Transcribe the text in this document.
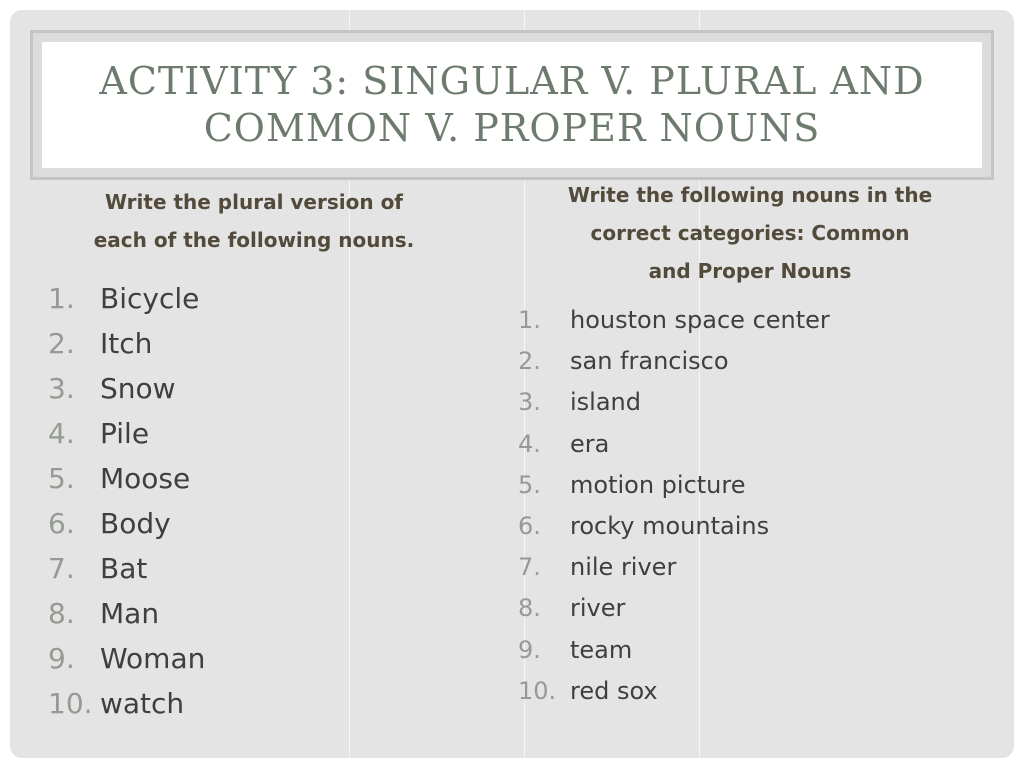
ACTIVITY 3: SINGULAR V. PLURAL AND
COMMON V. PROPER NOUNS
Write the plural version of
each of the following nouns.
1. Bicycle
2. Itch
3. Snow
4. Pile
5. Moose
6. Body
7. Bat
8. Man
9. Woman
10. watch
Write the following nouns in the
correct categories: Common
and Proper Nouns
1. houston space center
2. san francisco
3. island
4. era
5. motion picture
6. rocky mountains
7. nile river
8. river
9. team
10. red sox
